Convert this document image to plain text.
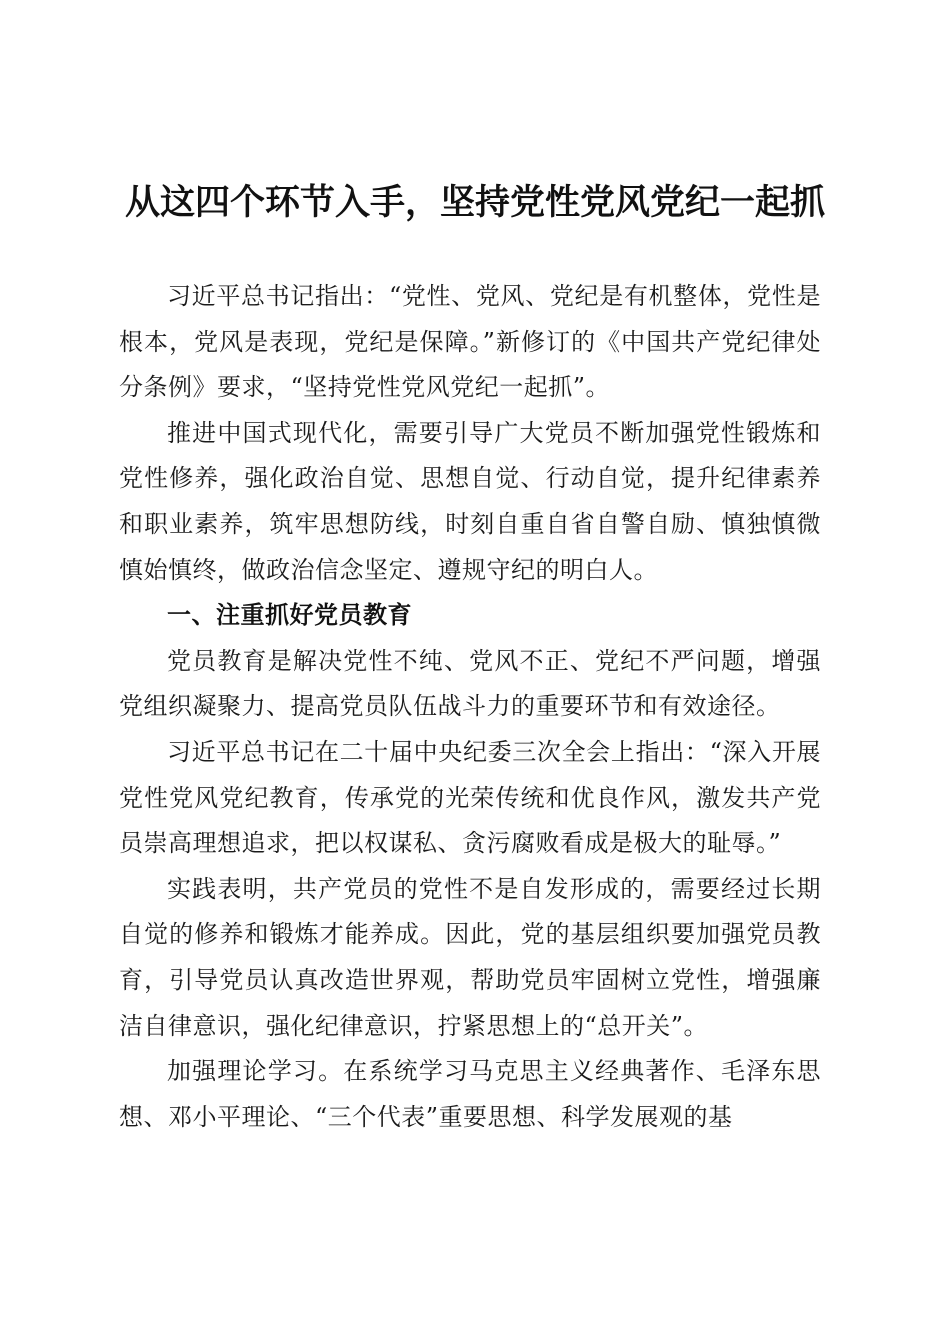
从这四个环节入手，坚持党性党风党纪一起抓

习近平总书记指出：“党性、党风、党纪是有机整体，党性是根本，党风是表现，党纪是保障。”新修订的《中国共产党纪律处分条例》要求，“坚持党性党风党纪一起抓”。

推进中国式现代化，需要引导广大党员不断加强党性锻炼和党性修养，强化政治自觉、思想自觉、行动自觉，提升纪律素养和职业素养，筑牢思想防线，时刻自重自省自警自励、慎独慎微慎始慎终，做政治信念坚定、遵规守纪的明白人。

一、注重抓好党员教育

党员教育是解决党性不纯、党风不正、党纪不严问题，增强党组织凝聚力、提高党员队伍战斗力的重要环节和有效途径。

习近平总书记在二十届中央纪委三次全会上指出：“深入开展党性党风党纪教育，传承党的光荣传统和优良作风，激发共产党员崇高理想追求，把以权谋私、贪污腐败看成是极大的耻辱。”

实践表明，共产党员的党性不是自发形成的，需要经过长期自觉的修养和锻炼才能养成。因此，党的基层组织要加强党员教育，引导党员认真改造世界观，帮助党员牢固树立党性，增强廉洁自律意识，强化纪律意识，拧紧思想上的“总开关”。

加强理论学习。在系统学习马克思主义经典著作、毛泽东思想、邓小平理论、“三个代表”重要思想、科学发展观的基
